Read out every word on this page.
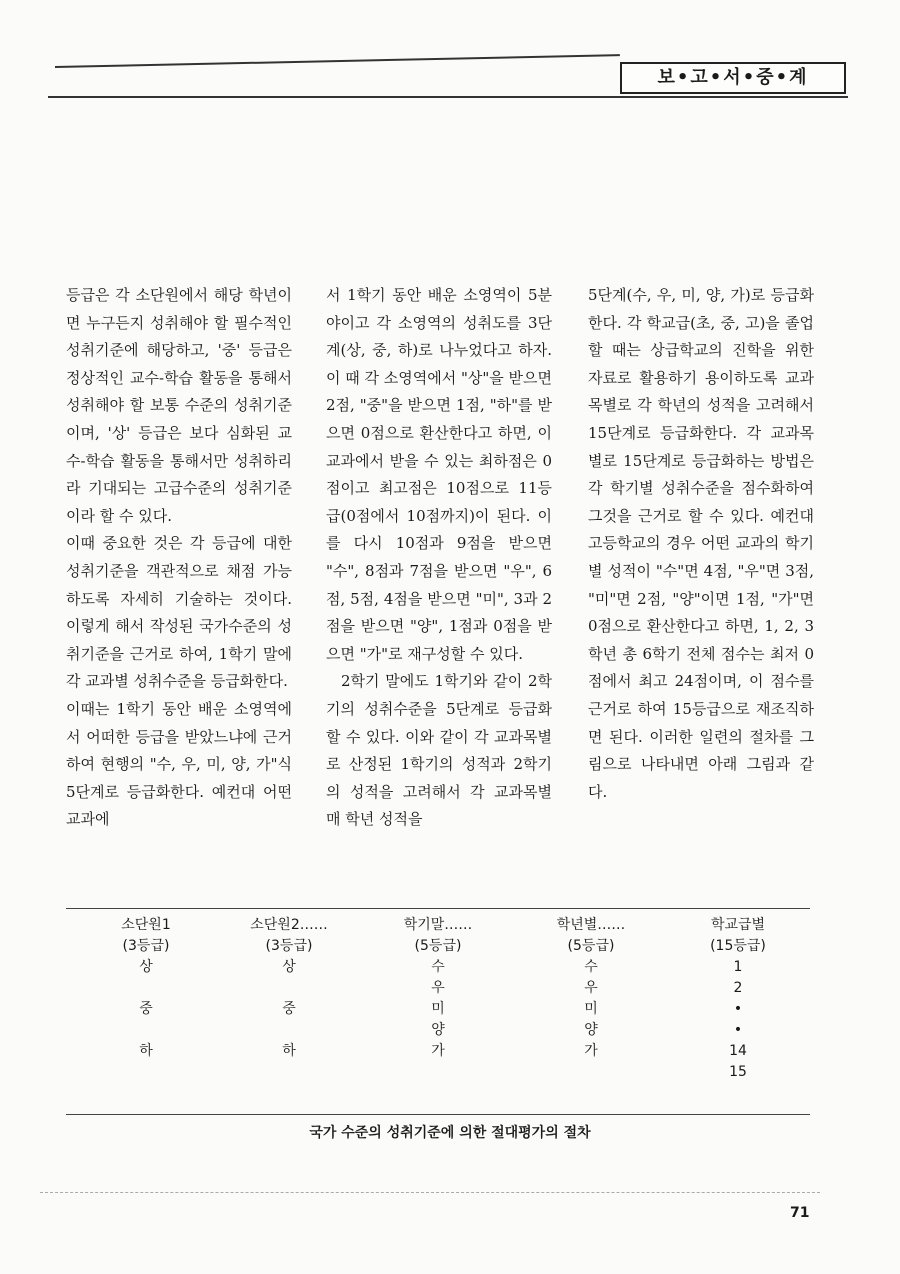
보•고•서•중•계

등급은 각 소단원에서 해당 학년이면 누구든지 성취해야 할 필수적인 성취기준에 해당하고, '중' 등급은 정상적인 교수-학습 활동을 통해서 성취해야 할 보통 수준의 성취기준이며, '상' 등급은 보다 심화된 교수-학습 활동을 통해서만 성취하리라 기대되는 고급수준의 성취기준이라 할 수 있다.

이때 중요한 것은 각 등급에 대한 성취기준을 객관적으로 채점 가능하도록 자세히 기술하는 것이다. 이렇게 해서 작성된 국가수준의 성취기준을 근거로 하여, 1학기 말에 각 교과별 성취수준을 등급화한다.

이때는 1학기 동안 배운 소영역에서 어떠한 등급을 받았느냐에 근거하여 현행의 "수, 우, 미, 양, 가"식 5단계로 등급화한다. 예컨대 어떤 교과에

서 1학기 동안 배운 소영역이 5분야이고 각 소영역의 성취도를 3단계(상, 중, 하)로 나누었다고 하자. 이 때 각 소영역에서 "상"을 받으면 2점, "중"을 받으면 1점, "하"를 받으면 0점으로 환산한다고 하면, 이 교과에서 받을 수 있는 최하점은 0점이고 최고점은 10점으로 11등급(0점에서 10점까지)이 된다. 이를 다시 10점과 9점을 받으면 "수", 8점과 7점을 받으면 "우", 6점, 5점, 4점을 받으면 "미", 3과 2점을 받으면 "양", 1점과 0점을 받으면 "가"로 재구성할 수 있다.

2학기 말에도 1학기와 같이 2학기의 성취수준을 5단계로 등급화할 수 있다. 이와 같이 각 교과목별로 산정된 1학기의 성적과 2학기의 성적을 고려해서 각 교과목별 매 학년 성적을

5단계(수, 우, 미, 양, 가)로 등급화한다. 각 학교급(초, 중, 고)을 졸업할 때는 상급학교의 진학을 위한 자료로 활용하기 용이하도록 교과목별로 각 학년의 성적을 고려해서 15단계로 등급화한다. 각 교과목별로 15단계로 등급화하는 방법은 각 학기별 성취수준을 점수화하여 그것을 근거로 할 수 있다. 예컨대 고등학교의 경우 어떤 교과의 학기별 성적이 "수"면 4점, "우"면 3점, "미"면 2점, "양"이면 1점, "가"면 0점으로 환산한다고 하면, 1, 2, 3학년 총 6학기 전체 점수는 최저 0점에서 최고 24점이며, 이 점수를 근거로 하여 15등급으로 재조직하면 된다. 이러한 일련의 절차를 그림으로 나타내면 아래 그림과 같다.

소단원1
(3등급)
상
중
하
소단원2……
(3등급)
상
중
하
학기말……
(5등급)
수
우
미
양
가
학년별……
(5등급)
수
우
미
양
가
학교급별
(15등급)
1
2
•
•
14
15
국가 수준의 성취기준에 의한 절대평가의 절차
71
